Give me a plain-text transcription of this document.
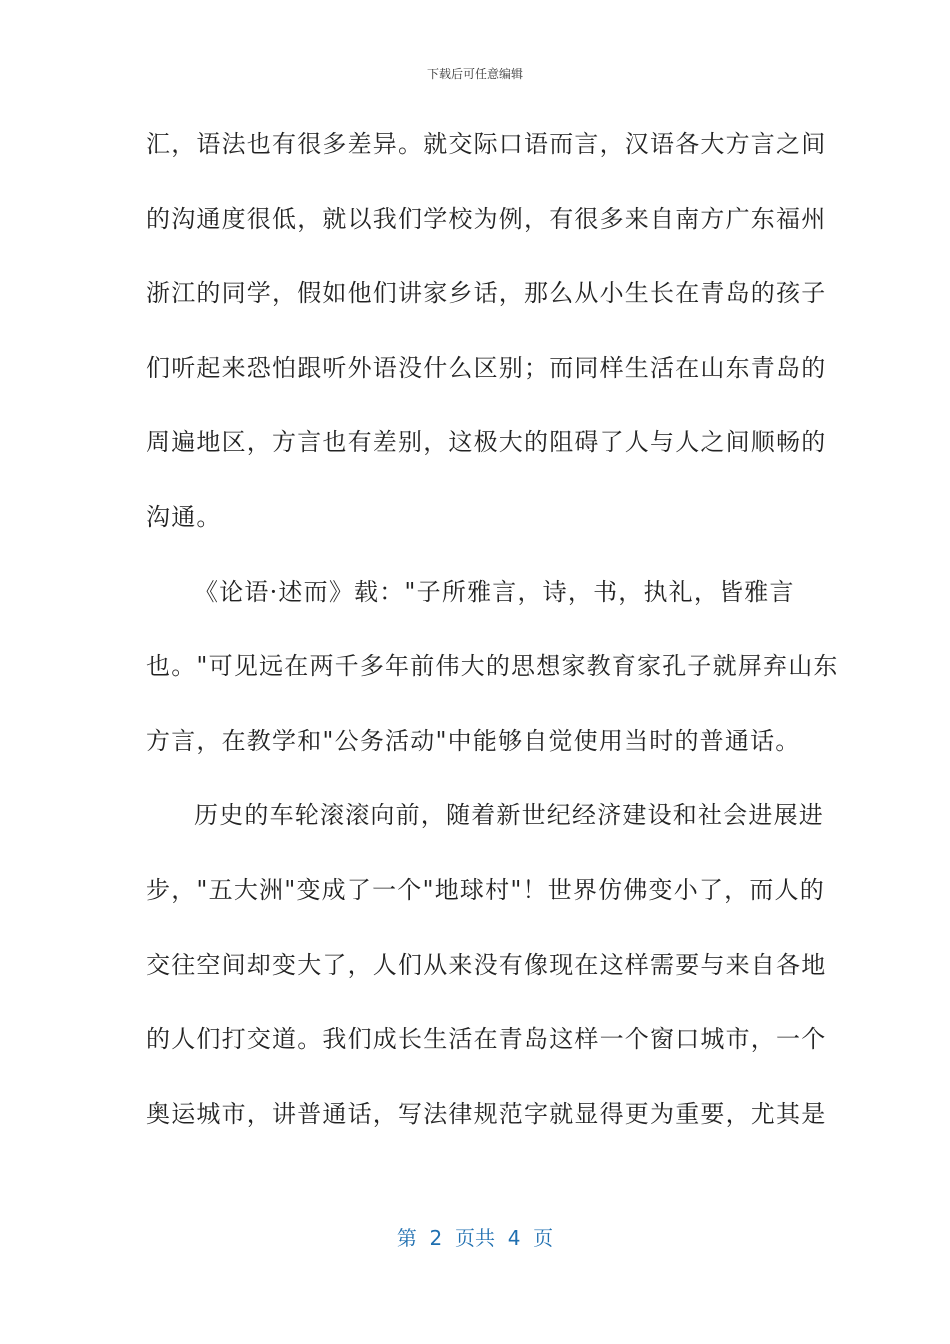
下载后可任意编辑
汇，语法也有很多差异。就交际口语而言，汉语各大方言之间
的沟通度很低，就以我们学校为例，有很多来自南方广东福州
浙江的同学，假如他们讲家乡话，那么从小生长在青岛的孩子
们听起来恐怕跟听外语没什么区别；而同样生活在山东青岛的
周遍地区，方言也有差别，这极大的阻碍了人与人之间顺畅的
沟通。
《论语·述而》载："子所雅言，诗，书，执礼，皆雅言
也。"可见远在两千多年前伟大的思想家教育家孔子就屏弃山东
方言，在教学和"公务活动"中能够自觉使用当时的普通话。
历史的车轮滚滚向前，随着新世纪经济建设和社会进展进
步，"五大洲"变成了一个"地球村"！世界仿佛变小了，而人的
交往空间却变大了，人们从来没有像现在这样需要与来自各地
的人们打交道。我们成长生活在青岛这样一个窗口城市，一个
奥运城市，讲普通话，写法律规范字就显得更为重要，尤其是
第  2  页共  4  页
